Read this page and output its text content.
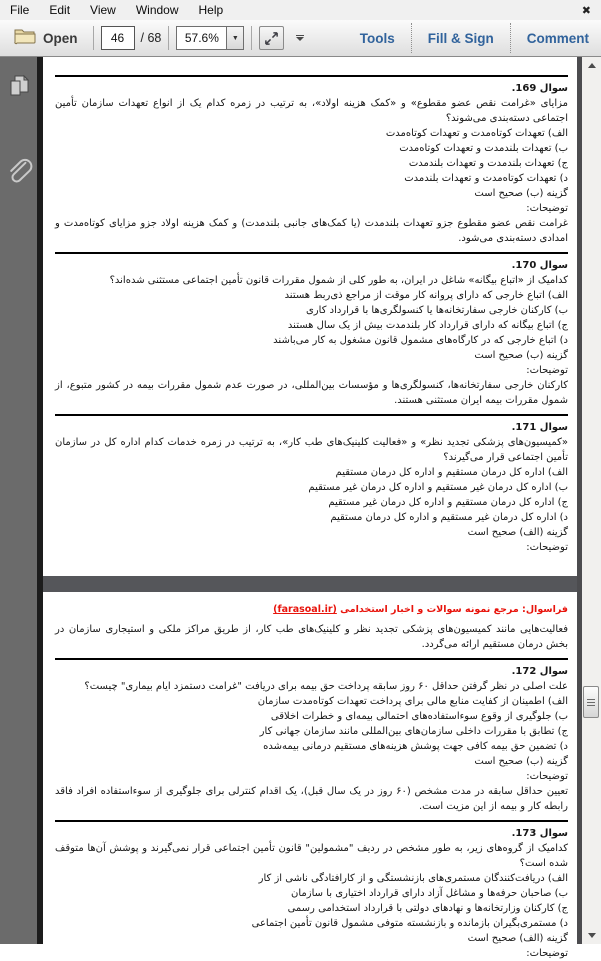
File	Edit	View	Window	Help	✖
Open
46	/ 68	57.6%	▼	Tools	Fill & Sign	Comment
سوال 169.
مزایای «غرامت نقص عضو مقطوع» و «کمک هزینه اولاد»، به ترتیب در زمره کدام یک از انواع تعهدات سازمان تأمین اجتماعی دسته‌بندی می‌شوند؟
الف) تعهدات کوتاه‌مدت و تعهدات کوتاه‌مدت
ب) تعهدات بلندمدت و تعهدات کوتاه‌مدت
ج) تعهدات بلندمدت و تعهدات بلندمدت
د) تعهدات کوتاه‌مدت و تعهدات بلندمدت
گزینه (ب) صحیح است
توضیحات:
غرامت نقص عضو مقطوع جزو تعهدات بلندمدت (یا کمک‌های جانبی بلندمدت) و کمک هزینه اولاد جزو مزایای کوتاه‌مدت و امدادی دسته‌بندی می‌شود.
سوال 170.
کدامیک از «اتباع بیگانه» شاغل در ایران، به طور کلی از شمول مقررات قانون تأمین اجتماعی مستثنی شده‌اند؟
الف) اتباع خارجی که دارای پروانه کار موقت از مراجع ذی‌ربط هستند
ب) کارکنان خارجی سفارتخانه‌ها یا کنسولگری‌ها با قرارداد کاری
ج) اتباع بیگانه که دارای قرارداد کار بلندمدت بیش از یک سال هستند
د) اتباع خارجی که در کارگاه‌های مشمول قانون مشغول به کار می‌باشند
گزینه (ب) صحیح است
توضیحات:
کارکنان خارجی سفارتخانه‌ها، کنسولگری‌ها و مؤسسات بین‌المللی، در صورت عدم شمول مقررات بیمه در کشور متبوع، از شمول مقررات بیمه ایران مستثنی هستند.
سوال 171.
«کمیسیون‌های پزشکی تجدید نظر» و «فعالیت کلینیک‌های طب کار»، به ترتیب در زمره خدمات کدام اداره کل در سازمان تأمین اجتماعی قرار می‌گیرند؟
الف) اداره کل درمان مستقیم و اداره کل درمان مستقیم
ب) اداره کل درمان غیر مستقیم و اداره کل درمان غیر مستقیم
ج) اداره کل درمان مستقیم و اداره کل درمان غیر مستقیم
د) اداره کل درمان غیر مستقیم و اداره کل درمان مستقیم
گزینه (الف) صحیح است
توضیحات:
فراسوال: مرجع نمونه سوالات و اخبار استخدامی (farasoal.ir)
فعالیت‌هایی مانند کمیسیون‌های پزشکی تجدید نظر و کلینیک‌های طب کار، از طریق مراکز ملکی و استیجاری سازمان در بخش درمان مستقیم ارائه می‌گردد.
سوال 172.
علت اصلی در نظر گرفتن حداقل ۶۰ روز سابقه پرداخت حق بیمه برای دریافت "غرامت دستمزد ایام بیماری" چیست؟
الف) اطمینان از کفایت منابع مالی برای پرداخت تعهدات کوتاه‌مدت سازمان
ب) جلوگیری از وقوع سوءاستفاده‌های احتمالی بیمه‌ای و خطرات اخلاقی
ج) تطابق با مقررات داخلی سازمان‌های بین‌المللی مانند سازمان جهانی کار
د) تضمین حق بیمه کافی جهت پوشش هزینه‌های مستقیم درمانی بیمه‌شده
گزینه (ب) صحیح است
توضیحات:
تعیین حداقل سابقه در مدت مشخص (۶۰ روز در یک سال قبل)، یک اقدام کنترلی برای جلوگیری از سوءاستفاده افراد فاقد رابطه کار و بیمه از این مزیت است.
سوال 173.
کدامیک از گروه‌های زیر، به طور مشخص در ردیف "مشمولین" قانون تأمین اجتماعی قرار نمی‌گیرند و پوشش آن‌ها متوقف شده است؟
الف) دریافت‌کنندگان مستمری‌های بازنشستگی و از کارافتادگی ناشی از کار
ب) صاحبان حرفه‌ها و مشاغل آزاد دارای قرارداد اختیاری با سازمان
ج) کارکنان وزارتخانه‌ها و نهادهای دولتی با قرارداد استخدامی رسمی
د) مستمری‌بگیران بازمانده و بازنشسته متوفی مشمول قانون تأمین اجتماعی
گزینه (الف) صحیح است
توضیحات:
